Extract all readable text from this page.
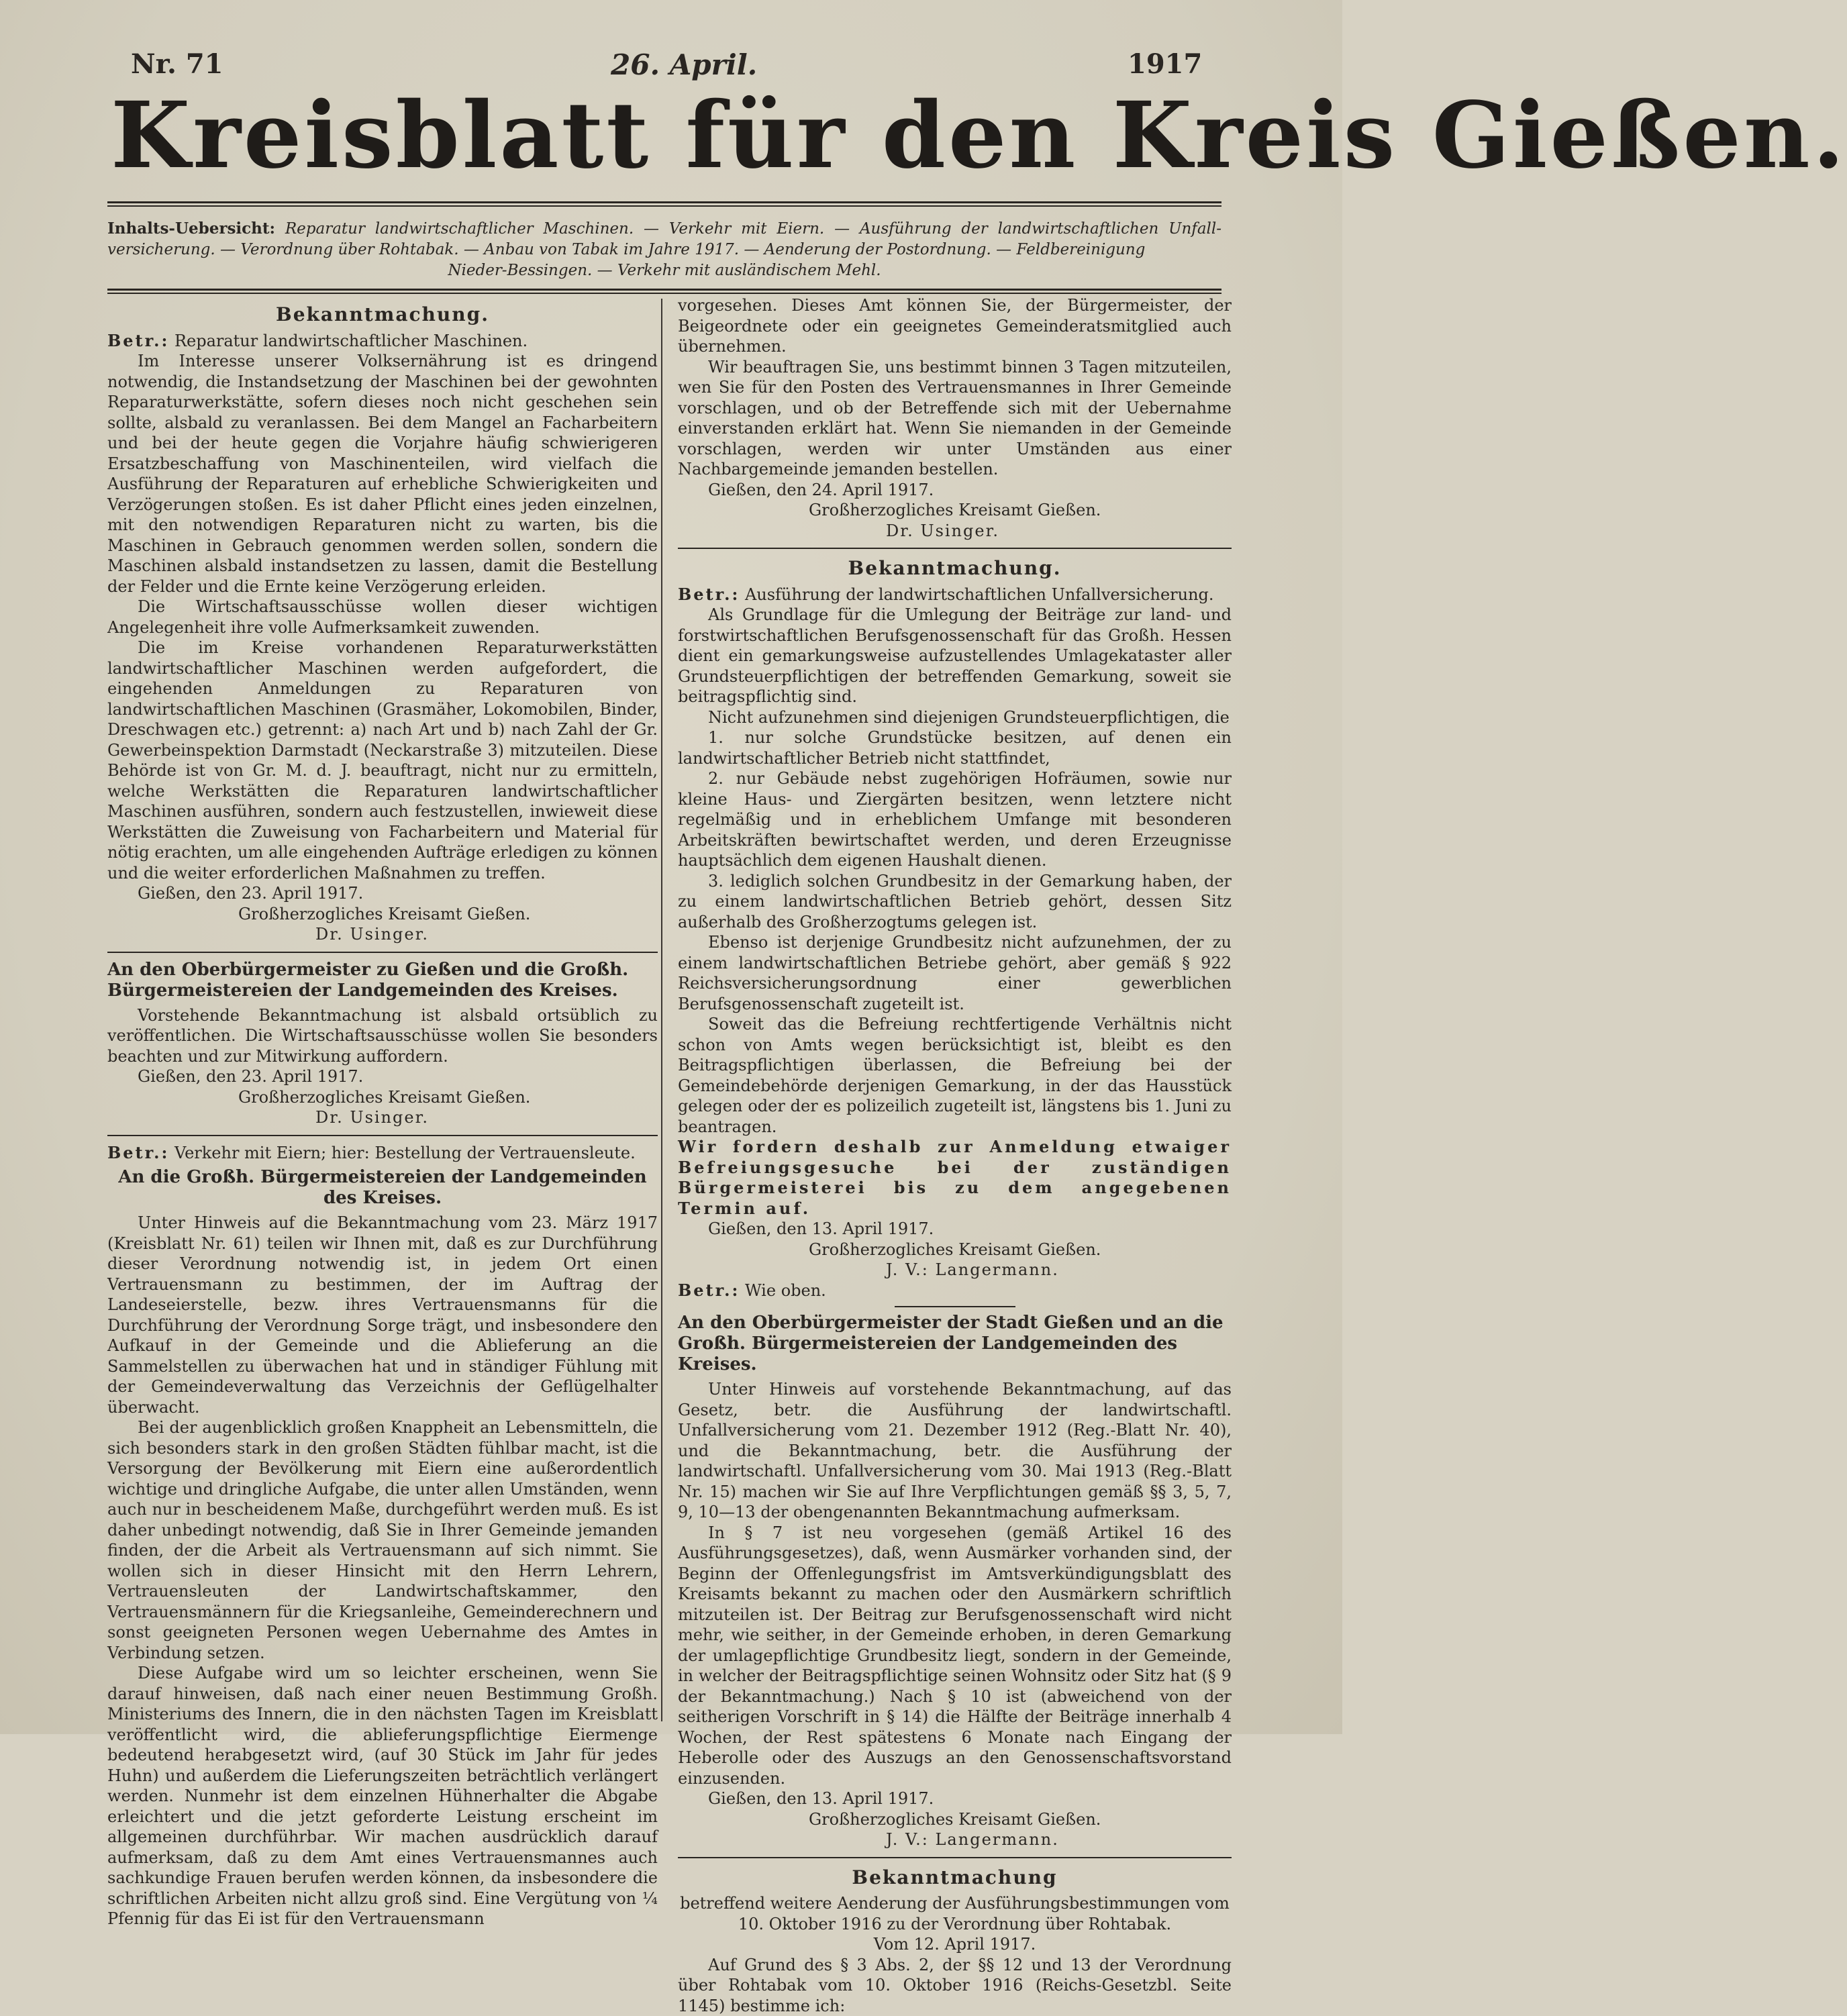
Nr. 71	26. April.	1917
Kreisblatt für den Kreis Gießen.
Inhalts-Uebersicht: Reparatur landwirtschaftlicher Maschinen. — Verkehr mit Eiern. — Ausführung der landwirtschaftlichen Unfall- versicherung. — Verordnung über Rohtabak. — Anbau von Tabak im Jahre 1917. — Aenderung der Postordnung. — Feldbereinigung
Nieder-Bessingen. — Verkehr mit ausländischem Mehl.
Bekanntmachung.

Betr.: Reparatur landwirtschaftlicher Maschinen.

Im Interesse unserer Volksernährung ist es dringend notwendig, die Instandsetzung der Maschinen bei der gewohnten Reparaturwerkstätte, sofern dieses noch nicht geschehen sein sollte, alsbald zu veranlassen. Bei dem Mangel an Facharbeitern und bei der heute gegen die Vorjahre häufig schwierigeren Ersatzbeschaffung von Maschinenteilen, wird vielfach die Ausführung der Reparaturen auf erhebliche Schwierigkeiten und Verzögerungen stoßen. Es ist daher Pflicht eines jeden einzelnen, mit den notwendigen Reparaturen nicht zu warten, bis die Maschinen in Gebrauch genommen werden sollen, sondern die Maschinen alsbald instandsetzen zu lassen, damit die Bestellung der Felder und die Ernte keine Verzögerung erleiden.

Die Wirtschaftsausschüsse wollen dieser wichtigen Angelegenheit ihre volle Aufmerksamkeit zuwenden.

Die im Kreise vorhandenen Reparaturwerkstätten landwirtschaftlicher Maschinen werden aufgefordert, die eingehenden Anmeldungen zu Reparaturen von landwirtschaftlichen Maschinen (Grasmäher, Lokomobilen, Binder, Dreschwagen etc.) getrennt: a) nach Art und b) nach Zahl der Gr. Gewerbeinspektion Darmstadt (Neckarstraße 3) mitzuteilen. Diese Behörde ist von Gr. M. d. J. beauftragt, nicht nur zu ermitteln, welche Werkstätten die Reparaturen landwirtschaftlicher Maschinen ausführen, sondern auch festzustellen, inwieweit diese Werkstätten die Zuweisung von Facharbeitern und Material für nötig erachten, um alle eingehenden Aufträge erledigen zu können und die weiter erforderlichen Maßnahmen zu treffen.

Gießen, den 23. April 1917.
Großherzogliches Kreisamt Gießen.
Dr. Usinger.
An den Oberbürgermeister zu Gießen und die Großh. Bürgermeistereien der Landgemeinden des Kreises.

Vorstehende Bekanntmachung ist alsbald ortsüblich zu veröffentlichen. Die Wirtschaftsausschüsse wollen Sie besonders beachten und zur Mitwirkung auffordern.

Gießen, den 23. April 1917.
Großherzogliches Kreisamt Gießen.
Dr. Usinger.

Betr.: Verkehr mit Eiern; hier: Bestellung der Vertrauensleute.

An die Großh. Bürgermeistereien der Landgemeinden des Kreises.

Unter Hinweis auf die Bekanntmachung vom 23. März 1917 (Kreisblatt Nr. 61) teilen wir Ihnen mit, daß es zur Durchführung dieser Verordnung notwendig ist, in jedem Ort einen Vertrauensmann zu bestimmen, der im Auftrag der Landeseierstelle, bezw. ihres Vertrauensmanns für die Durchführung der Verordnung Sorge trägt, und insbesondere den Aufkauf in der Gemeinde und die Ablieferung an die Sammelstellen zu überwachen hat und in ständiger Fühlung mit der Gemeindeverwaltung das Verzeichnis der Geflügelhalter überwacht.

Bei der augenblicklich großen Knappheit an Lebensmitteln, die sich besonders stark in den großen Städten fühlbar macht, ist die Versorgung der Bevölkerung mit Eiern eine außerordentlich wichtige und dringliche Aufgabe, die unter allen Umständen, wenn auch nur in bescheidenem Maße, durchgeführt werden muß. Es ist daher unbedingt notwendig, daß Sie in Ihrer Gemeinde jemanden finden, der die Arbeit als Vertrauensmann auf sich nimmt. Sie wollen sich in dieser Hinsicht mit den Herrn Lehrern, Vertrauensleuten der Landwirtschaftskammer, den Vertrauensmännern für die Kriegsanleihe, Gemeinderechnern und sonst geeigneten Personen wegen Uebernahme des Amtes in Verbindung setzen.

Diese Aufgabe wird um so leichter erscheinen, wenn Sie darauf hinweisen, daß nach einer neuen Bestimmung Großh. Ministeriums des Innern, die in den nächsten Tagen im Kreisblatt veröffentlicht wird, die ablieferungspflichtige Eiermenge bedeutend herabgesetzt wird, (auf 30 Stück im Jahr für jedes Huhn) und außerdem die Lieferungszeiten beträchtlich verlängert werden. Nunmehr ist dem einzelnen Hühnerhalter die Abgabe erleichtert und die jetzt geforderte Leistung erscheint im allgemeinen durchführbar. Wir machen ausdrücklich darauf aufmerksam, daß zu dem Amt eines Vertrauensmannes auch sachkundige Frauen berufen werden können, da insbesondere die schriftlichen Arbeiten nicht allzu groß sind. Eine Vergütung von ¼ Pfennig für das Ei ist für den Vertrauensmann

vorgesehen. Dieses Amt können Sie, der Bürgermeister, der Beigeordnete oder ein geeignetes Gemeinderatsmitglied auch übernehmen.

Wir beauftragen Sie, uns bestimmt binnen 3 Tagen mitzuteilen, wen Sie für den Posten des Vertrauensmannes in Ihrer Gemeinde vorschlagen, und ob der Betreffende sich mit der Uebernahme einverstanden erklärt hat. Wenn Sie niemanden in der Gemeinde vorschlagen, werden wir unter Umständen aus einer Nachbargemeinde jemanden bestellen.

Gießen, den 24. April 1917.
Großherzogliches Kreisamt Gießen.
Dr. Usinger.
Bekanntmachung.

Betr.: Ausführung der landwirtschaftlichen Unfallversicherung.

Als Grundlage für die Umlegung der Beiträge zur land- und forstwirtschaftlichen Berufsgenossenschaft für das Großh. Hessen dient ein gemarkungsweise aufzustellendes Umlagekataster aller Grundsteuerpflichtigen der betreffenden Gemarkung, soweit sie beitragspflichtig sind.

Nicht aufzunehmen sind diejenigen Grundsteuerpflichtigen, die

1. nur solche Grundstücke besitzen, auf denen ein landwirtschaftlicher Betrieb nicht stattfindet,

2. nur Gebäude nebst zugehörigen Hofräumen, sowie nur kleine Haus- und Ziergärten besitzen, wenn letztere nicht regelmäßig und in erheblichem Umfange mit besonderen Arbeitskräften bewirtschaftet werden, und deren Erzeugnisse hauptsächlich dem eigenen Haushalt dienen.

3. lediglich solchen Grundbesitz in der Gemarkung haben, der zu einem landwirtschaftlichen Betrieb gehört, dessen Sitz außerhalb des Großherzogtums gelegen ist.

Ebenso ist derjenige Grundbesitz nicht aufzunehmen, der zu einem landwirtschaftlichen Betriebe gehört, aber gemäß § 922 Reichsversicherungsordnung einer gewerblichen Berufsgenossenschaft zugeteilt ist.

Soweit das die Befreiung rechtfertigende Verhältnis nicht schon von Amts wegen berücksichtigt ist, bleibt es den Beitragspflichtigen überlassen, die Befreiung bei der Gemeindebehörde derjenigen Gemarkung, in der das Hausstück gelegen oder der es polizeilich zugeteilt ist, längstens bis 1. Juni zu beantragen.

Wir fordern deshalb zur Anmeldung etwaiger Befreiungsgesuche bei der zuständigen Bürgermeisterei bis zu dem angegebenen Termin auf.

Gießen, den 13. April 1917.
Großherzogliches Kreisamt Gießen.
J. V.: Langermann.

Betr.: Wie oben.

An den Oberbürgermeister der Stadt Gießen und an die Großh. Bürgermeistereien der Landgemeinden des Kreises.

Unter Hinweis auf vorstehende Bekanntmachung, auf das Gesetz, betr. die Ausführung der landwirtschaftl. Unfallversicherung vom 21. Dezember 1912 (Reg.-Blatt Nr. 40), und die Bekanntmachung, betr. die Ausführung der landwirtschaftl. Unfallversicherung vom 30. Mai 1913 (Reg.-Blatt Nr. 15) machen wir Sie auf Ihre Verpflichtungen gemäß §§ 3, 5, 7, 9, 10—13 der obengenannten Bekanntmachung aufmerksam.

In § 7 ist neu vorgesehen (gemäß Artikel 16 des Ausführungsgesetzes), daß, wenn Ausmärker vorhanden sind, der Beginn der Offenlegungsfrist im Amtsverkündigungsblatt des Kreisamts bekannt zu machen oder den Ausmärkern schriftlich mitzuteilen ist. Der Beitrag zur Berufsgenossenschaft wird nicht mehr, wie seither, in der Gemeinde erhoben, in deren Gemarkung der umlagepflichtige Grundbesitz liegt, sondern in der Gemeinde, in welcher der Beitragspflichtige seinen Wohnsitz oder Sitz hat (§ 9 der Bekanntmachung.) Nach § 10 ist (abweichend von der seitherigen Vorschrift in § 14) die Hälfte der Beiträge innerhalb 4 Wochen, der Rest spätestens 6 Monate nach Eingang der Heberolle oder des Auszugs an den Genossenschaftsvorstand einzusenden.

Gießen, den 13. April 1917.
Großherzogliches Kreisamt Gießen.
J. V.: Langermann.
Bekanntmachung

betreffend weitere Aenderung der Ausführungsbestimmungen vom 10. Oktober 1916 zu der Verordnung über Rohtabak.

Vom 12. April 1917.

Auf Grund des § 3 Abs. 2, der §§ 12 und 13 der Verordnung über Rohtabak vom 10. Oktober 1916 (Reichs-Gesetzbl. Seite 1145) bestimme ich:
